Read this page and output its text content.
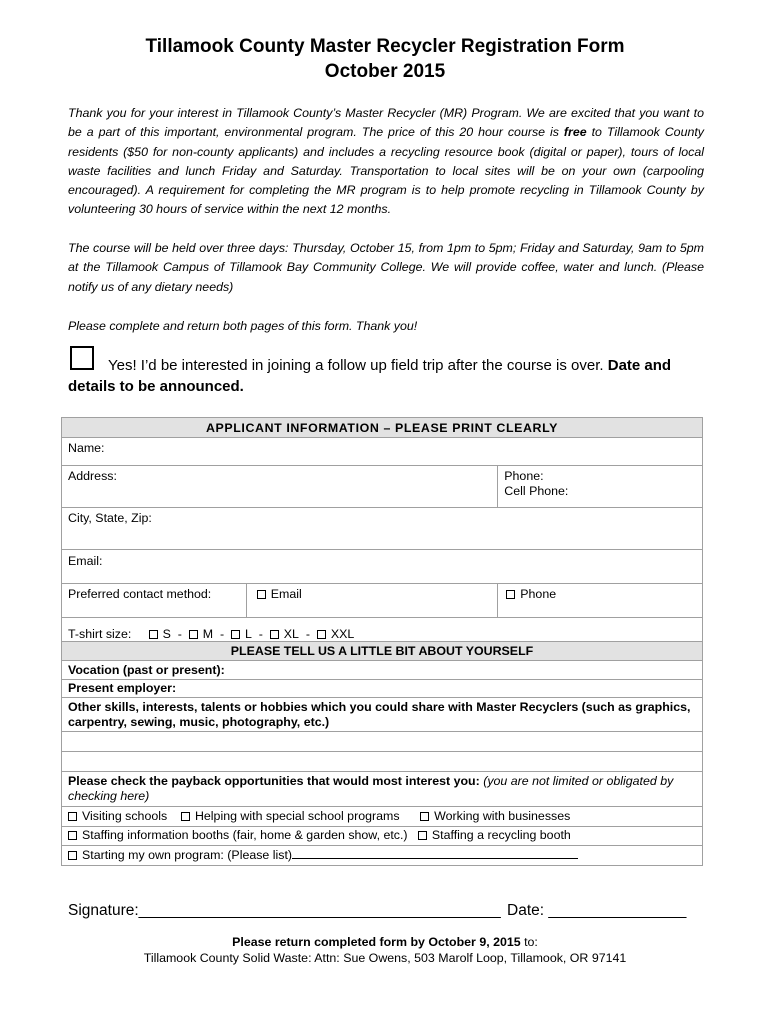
Tillamook County Master Recycler Registration Form
October 2015
Thank you for your interest in Tillamook County’s Master Recycler (MR) Program. We are excited that you want to be a part of this important, environmental program. The price of this 20 hour course is free to Tillamook County residents ($50 for non-county applicants) and includes a recycling resource book (digital or paper), tours of local waste facilities and lunch Friday and Saturday. Transportation to local sites will be on your own (carpooling encouraged). A requirement for completing the MR program is to help promote recycling in Tillamook County by volunteering 30 hours of service within the next 12 months.
The course will be held over three days: Thursday, October 15, from 1pm to 5pm; Friday and Saturday, 9am to 5pm at the Tillamook Campus of Tillamook Bay Community College. We will provide coffee, water and lunch. (Please notify us of any dietary needs)
Please complete and return both pages of this form. Thank you!
Yes! I’d be interested in joining a follow up field trip after the course is over. Date and details to be announced.
APPLICANT INFORMATION – PLEASE PRINT CLEARLY		
Name:		
Address:		Phone:
Cell Phone:

City, State, Zip:		
Email:		
Preferred contact method:	Email	Phone
T-shirt size: S  -  M  -  L  -  XL  -  XXL		
PLEASE TELL US A LITTLE BIT ABOUT YOURSELF		
Vocation (past or present):		
Present employer:		
Other skills, interests, talents or hobbies which you could share with Master Recyclers (such as graphics, carpentry, sewing, music, photography, etc.)		

Please check the payback opportunities that would most interest you: (you are not limited or obligated by checking here)		
Visiting schools Helping with special school programs Working with businesses		
Staffing information booths (fair, home & garden show, etc.) Staffing a recycling booth		
Starting my own program: (Please list)		
Signature:__________________________________________ Date: ________________
Please return completed form by October 9, 2015 to:
Tillamook County Solid Waste: Attn: Sue Owens, 503 Marolf Loop, Tillamook, OR 97141
